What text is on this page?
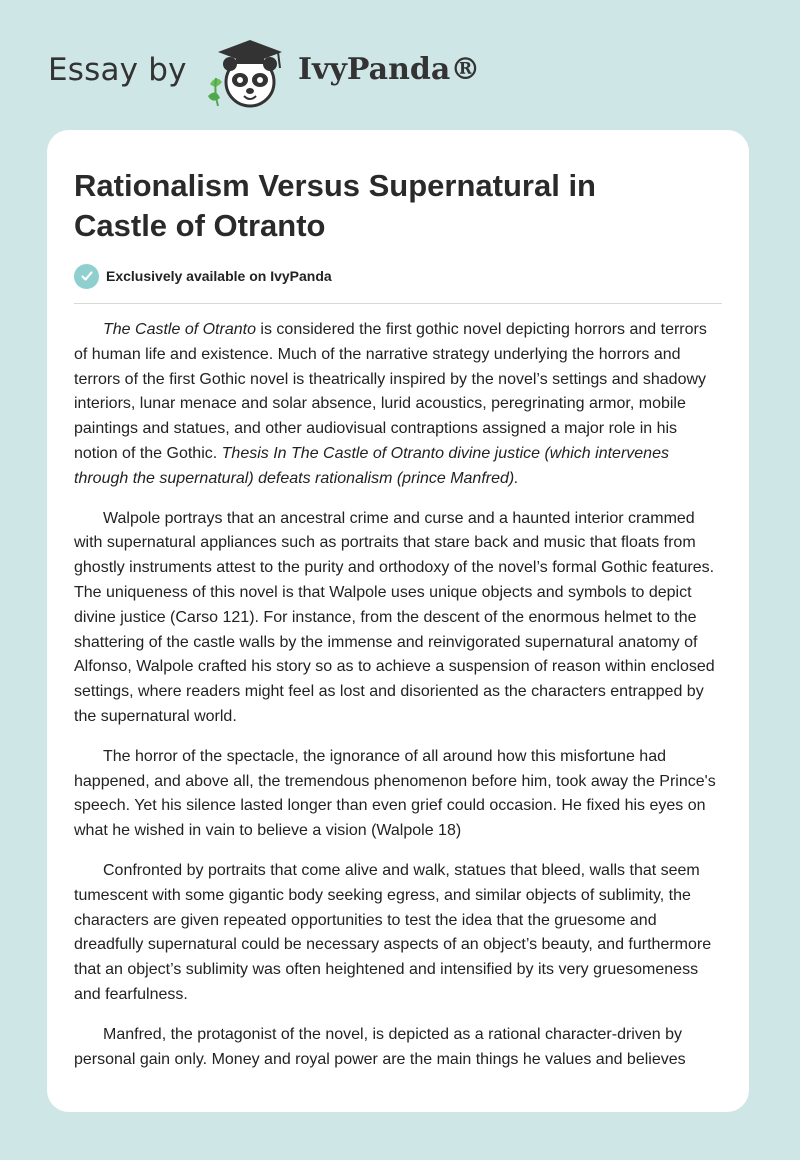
Essay by	IvyPanda®
Rationalism Versus Supernatural in Castle of Otranto
Exclusively available on IvyPanda

The Castle of Otranto is considered the first gothic novel depicting horrors and terrors of human life and existence. Much of the narrative strategy underlying the horrors and terrors of the first Gothic novel is theatrically inspired by the novel’s settings and shadowy interiors, lunar menace and solar absence, lurid acoustics, peregrinating armor, mobile paintings and statues, and other audiovisual contraptions assigned a major role in his notion of the Gothic. Thesis In The Castle of Otranto divine justice (which intervenes through the supernatural) defeats rationalism (prince Manfred).

Walpole portrays that an ancestral crime and curse and a haunted interior crammed with supernatural appliances such as portraits that stare back and music that floats from ghostly instruments attest to the purity and orthodoxy of the novel’s formal Gothic features. The uniqueness of this novel is that Walpole uses unique objects and symbols to depict divine justice (Carso 121). For instance, from the descent of the enormous helmet to the shattering of the castle walls by the immense and reinvigorated supernatural anatomy of Alfonso, Walpole crafted his story so as to achieve a suspension of reason within enclosed settings, where readers might feel as lost and disoriented as the characters entrapped by the supernatural world.

The horror of the spectacle, the ignorance of all around how this misfortune had happened, and above all, the tremendous phenomenon before him, took away the Prince's speech. Yet his silence lasted longer than even grief could occasion. He fixed his eyes on what he wished in vain to believe a vision (Walpole 18)

Confronted by portraits that come alive and walk, statues that bleed, walls that seem tumescent with some gigantic body seeking egress, and similar objects of sublimity, the characters are given repeated opportunities to test the idea that the gruesome and dreadfully supernatural could be necessary aspects of an object’s beauty, and furthermore that an object’s sublimity was often heightened and intensified by its very gruesomeness and fearfulness.

Manfred, the protagonist of the novel, is depicted as a rational character-driven by personal gain only. Money and royal power are the main things he values and believes
